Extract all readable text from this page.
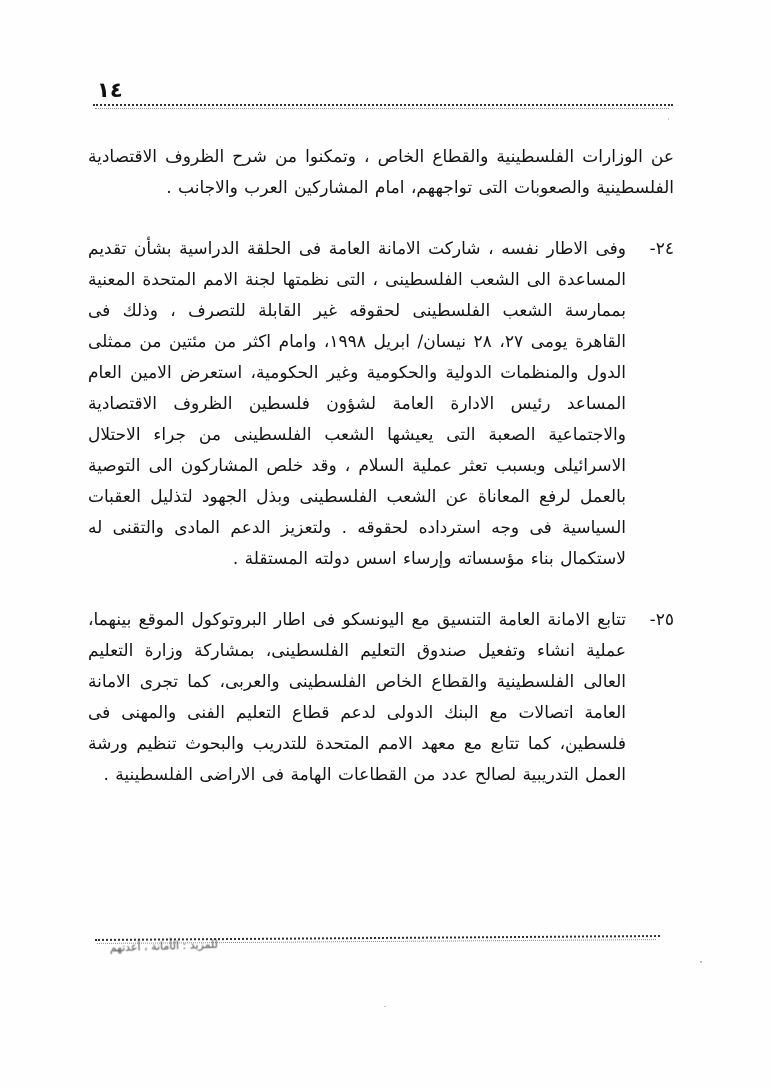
١٤

عن الوزارات الفلسطينية والقطاع الخاص ، وتمكنوا من شرح الظروف الاقتصادية الفلسطينية والصعوبات التى تواجههم، امام المشاركين العرب والاجانب .

٢٤-
وفى الاطار نفسه ، شاركت الامانة العامة فى الحلقة الدراسية بشأن تقديم المساعدة الى الشعب الفلسطينى ، التى نظمتها لجنة الامم المتحدة المعنية بممارسة الشعب الفلسطينى لحقوقه غير القابلة للتصرف ، وذلك فى القاهرة يومى ٢٧، ٢٨ نيسان/ ابريل ١٩٩٨، وامام اكثر من مئتين من ممثلى الدول والمنظمات الدولية والحكومية وغير الحكومية، استعرض الامين العام المساعد رئيس الادارة العامة لشؤون فلسطين الظروف الاقتصادية والاجتماعية الصعبة التى يعيشها الشعب الفلسطينى من جراء الاحتلال الاسرائيلى وبسبب تعثر عملية السلام ، وقد خلص المشاركون الى التوصية بالعمل لرفع المعاناة عن الشعب الفلسطينى وبذل الجهود لتذليل العقبات السياسية فى وجه استرداده لحقوقه . ولتعزيز الدعم المادى والتقنى له لاستكمال بناء مؤسساته وإرساء اسس دولته المستقلة .
٢٥-
تتابع الامانة العامة التنسيق مع اليونسكو فى اطار البروتوكول الموقع بينهما، عملية انشاء وتفعيل صندوق التعليم الفلسطينى، بمشاركة وزارة التعليم العالى الفلسطينية والقطاع الخاص الفلسطينى والعربى، كما تجرى الامانة العامة اتصالات مع البنك الدولى لدعم قطاع التعليم الفنى والمهنى فى فلسطين، كما تتابع مع معهد الامم المتحدة للتدريب والبحوث تنظيم ورشة العمل التدريبية لصالح عدد من القطاعات الهامة فى الاراضى الفلسطينية .
للمزيد : الأمانة ، أعدتهم
